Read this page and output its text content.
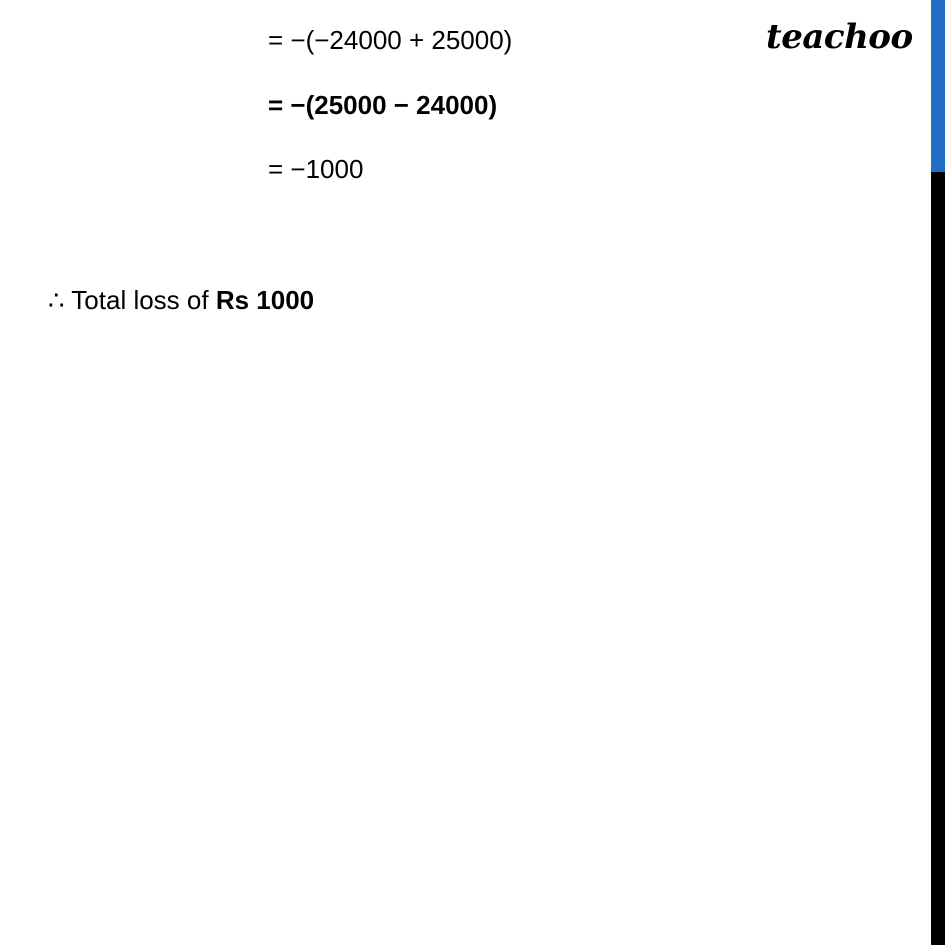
teachoo
= −(−24000 + 25000)
= −(25000 − 24000)
= −1000
∴ Total loss of Rs 1000
